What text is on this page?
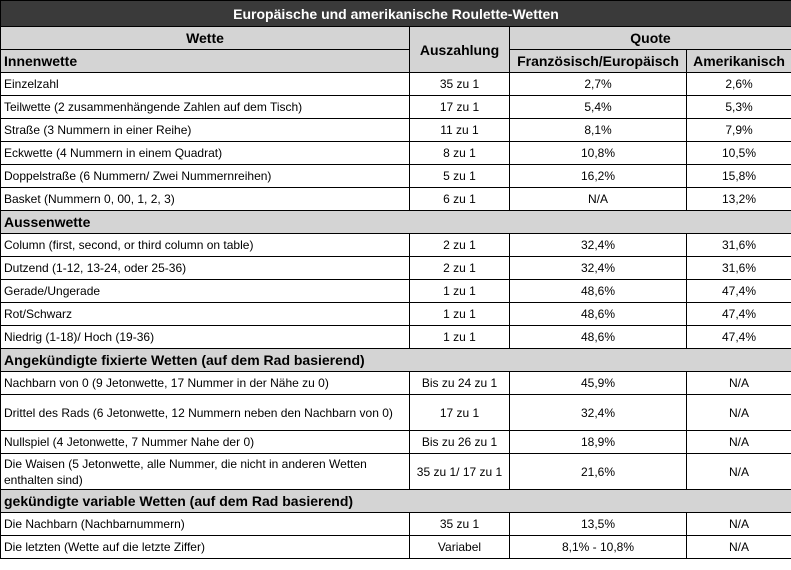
Europäische und amerikanische Roulette-Wetten			
Wette	Auszahlung	Quote	
Innenwette		Französisch/Europäisch	Amerikanisch
Einzelzahl	35 zu 1	2,7%	2,6%
Teilwette (2 zusammenhängende Zahlen auf dem Tisch)	17 zu 1	5,4%	5,3%
Straße (3 Nummern in einer Reihe)	11 zu 1	8,1%	7,9%
Eckwette (4 Nummern in einem Quadrat)	8 zu 1	10,8%	10,5%
Doppelstraße (6 Nummern/ Zwei Nummernreihen)	5 zu 1	16,2%	15,8%
Basket (Nummern 0, 00, 1, 2, 3)	6 zu 1	N/A	13,2%
Aussenwette			
Column (first, second, or third column on table)	2 zu 1	32,4%	31,6%
Dutzend (1-12, 13-24, oder 25-36)	2 zu 1	32,4%	31,6%
Gerade/Ungerade	1 zu 1	48,6%	47,4%
Rot/Schwarz	1 zu 1	48,6%	47,4%
Niedrig (1-18)/ Hoch (19-36)	1 zu 1	48,6%	47,4%
Angekündigte fixierte Wetten (auf dem Rad basierend)			
Nachbarn von 0 (9 Jetonwette, 17 Nummer in der Nähe zu 0)	Bis zu 24 zu 1	45,9%	N/A
Drittel des Rads (6 Jetonwette, 12 Nummern neben den Nachbarn von 0)	17 zu 1	32,4%	N/A
Nullspiel (4 Jetonwette, 7 Nummer Nahe der 0)	Bis zu 26 zu 1	18,9%	N/A
Die Waisen (5 Jetonwette, alle Nummer, die nicht in anderen Wetten enthalten sind)	35 zu 1/ 17 zu 1	21,6%	N/A
gekündigte variable Wetten (auf dem Rad basierend)			
Die Nachbarn (Nachbarnummern)	35 zu 1	13,5%	N/A
Die letzten (Wette auf die letzte Ziffer)	Variabel	8,1% - 10,8%	N/A
